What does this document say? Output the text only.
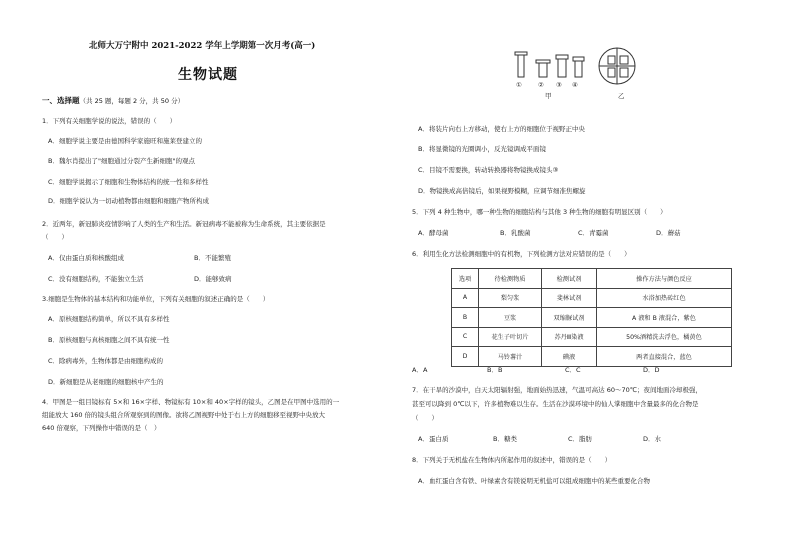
北师大万宁附中 2021-2022 学年上学期第一次月考(高一)
生物试题
一、选择题（共 25 题，每题 2 分，共 50 分）
1．下列有关细胞学说的说法，错误的（　　）
A．细胞学说主要是由德国科学家施旺和施莱登建立的
B．魏尔肖提出了"细胞通过分裂产生新细胞"的观点
C．细胞学说揭示了细胞和生物体结构的统一性和多样性
D．细胞学说认为一切动植物都由细胞和细胞产物所构成
2．近两年，新冠肺炎疫情影响了人类的生产和生活。新冠病毒不能被称为生命系统，其主要依据是
（　　）
A．仅由蛋白质和核酸组成	B．不能繁殖
C．没有细胞结构，不能独立生活	D．能够致病
3.细胞是生物体的基本结构和功能单位，下列有关细胞的叙述正确的是（　　）
A．原核细胞结构简单，所以不具有多样性
B．原核细胞与真核细胞之间不具有统一性
C．除病毒外，生物体都是由细胞构成的
D．新细胞是从老细胞的细胞核中产生的
4．甲图是一组目镜标有 5×和 16×字样、物镜标有 10×和 40×字样的镜头，乙图是在甲图中选用的一
组能放大 160 倍的镜头组合所观察到的图像。欲将乙图视野中处于右上方的细胞移至视野中央放大
640 倍观察，下列操作中错误的是（　）
① ② ③ ④
甲	乙
A．将装片向右上方移动，使右上方的细胞位于视野正中央
B．将显微镜的光圈调小，反光镜调成平面镜
C．目镜不需要换，转动转换器将物镜换成镜头③
D．物镜换成高倍镜后，如果视野模糊，应调节细准焦螺旋
5．下列 4 种生物中，哪一种生物的细胞结构与其他 3 种生物的细胞有明显区别（　　）
A．酵母菌	B．乳酸菌	C．青霉菌	D．蘑菇
6．利用生化方法检测细胞中的有机物，下列检测方法对应错误的是（　　）
选项	待检测物质	检测试剂	操作方法与颜色反应
A	梨匀浆	斐林试剂	水浴加热砖红色
B	豆浆	双缩脲试剂	A 液和 B 液混合，紫色
C	花生子叶切片	苏丹Ⅲ染液	50%酒精洗去浮色，橘黄色
D	马铃薯汁	碘液	两者直接混合，蓝色
A．A	B．B	C．C	D．D
7．在干旱的沙漠中，白天太阳辐射强，地面始热迅速，气温可高达 60～70℃；夜间地面冷却极强，
甚至可以降到 0℃以下，许多植物难以生存。生活在沙漠环境中的仙人掌细胞中含量最多的化合物是
（　　）
A．蛋白质	B．糖类	C．脂肪	D．水
8．下列关于无机盐在生物体内所起作用的叙述中，错误的是（　　）
A．血红蛋白含有铁、叶绿素含有镁说明无机盐可以组成细胞中的某些重要化合物
